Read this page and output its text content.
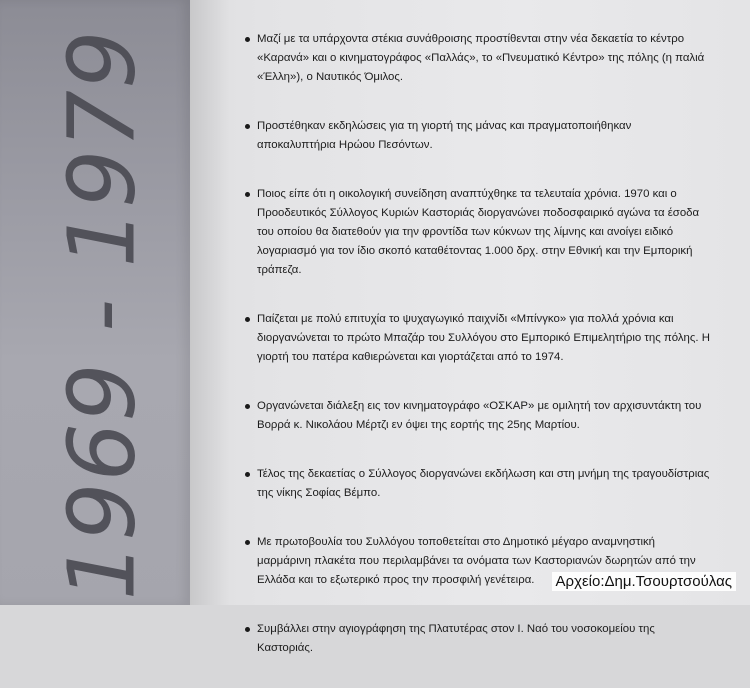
1969 - 1979	Μαζί με τα υπάρχοντα στέκια συνάθροισης προστίθενται στην νέα δεκαετία το κέντρο «Καρανά» και ο κινηματογράφος «Παλλάς», το «Πνευματικό Κέντρο» της πόλης (η παλιά «Έλλη»), ο Ναυτικός Όμιλος.
Προστέθηκαν εκδηλώσεις για τη γιορτή της μάνας και πραγματοποιήθηκαν αποκαλυπτήρια Ηρώου Πεσόντων.
Ποιος είπε ότι η οικολογική συνείδηση αναπτύχθηκε τα τελευταία χρόνια. 1970 και ο Προοδευτικός Σύλλογος Κυριών Καστοριάς διοργανώνει ποδοσφαιρικό αγώνα τα έσοδα του οποίου θα διατεθούν για την φροντίδα των κύκνων της λίμνης και ανοίγει ειδικό λογαριασμό για τον ίδιο σκοπό καταθέτοντας 1.000 δρχ. στην Εθνική και την Εμπορική τράπεζα.
Παίζεται με πολύ επιτυχία το ψυχαγωγικό παιχνίδι «Μπίνγκο» για πολλά χρόνια και διοργανώνεται το πρώτο Μπαζάρ του Συλλόγου στο Εμπορικό Επιμελητήριο της πόλης. Η γιορτή του πατέρα καθιερώνεται και γιορτάζεται από το 1974.
Οργανώνεται διάλεξη εις τον κινηματογράφο «ΟΣΚΑΡ» με ομιλητή τον αρχισυντάκτη του Βορρά κ. Νικολάου Μέρτζι εν όψει της εορτής της 25ης Μαρτίου.
Τέλος της δεκαετίας ο Σύλλογος διοργανώνει εκδήλωση και στη μνήμη της τραγουδίστριας της νίκης Σοφίας Βέμπο.
Με πρωτοβουλία του Συλλόγου τοποθετείται στο Δημοτικό μέγαρο αναμνηστική μαρμάρινη πλακέτα που περιλαμβάνει τα ονόματα των Καστοριανών δωρητών από την Ελλάδα και το εξωτερικό προς την προσφιλή γενέτειρα.
Συμβάλλει στην αγιογράφηση της Πλατυτέρας στον Ι. Ναό του νοσοκομείου της Καστοριάς.
Αρχείο:Δημ.Τσουρτσούλας
